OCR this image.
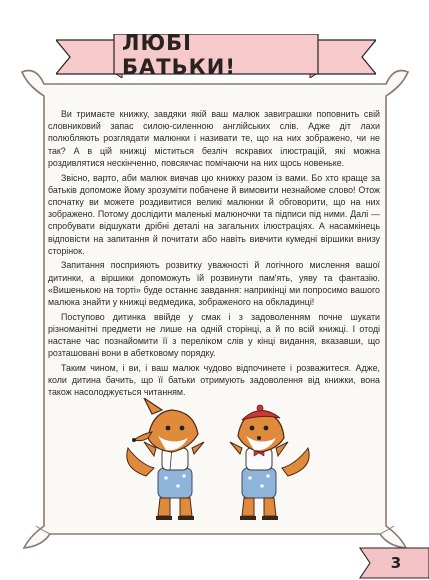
ЛЮБІ БАТЬКИ!

Ви тримаєте книжку, завдяки якій ваш малюк завиграшки поповнить свій словниковий запас силою-силенною англійських слів. Адже діт лахи полюбляють розглядати малюнки і називати те, що на них зображено, чи не так? А в цій книжці міститься безліч яскравих ілюстрацій, які можна роздивлятися нескінченно, повсякчас помічаючи на них щось новеньке.

Звісно, варто, аби малюк вивчав цю книжку разом із вами. Бо хто краще за батьків допоможе йому зрозуміти побачене й вимовити незнайоме слово! Отож спочатку ви можете роздивитися великі малюнки й обговорити, що на них зображено. Потому дослідити маленькі малюночки та підписи під ними. Далі — спробувати відшукати дрібні деталі на загальних ілюстраціях. А насамкінець відповісти на запитання й почитати або навіть вивчити кумедні віршики внизу сторінок.

Запитання посприяють розвитку уважності й логічного мислення вашої дитинки, а віршики допоможуть їй розвинути пам'ять, уяву та фантазію. «Вишенькою на торті» буде останнє завдання: наприкінці ми попросимо вашого малюка знайти у книжці ведмедика, зображеного на обкладинці!

Поступово дитинка ввійде у смак і з задоволенням почне шукати різноманітні предмети не лише на одній сторінці, а й по всій книжці. І отоді настане час познайомити її з переліком слів у кінці видання, вказавши, що розташовані вони в абетковому порядку.

Таким чином, і ви, і ваш малюк чудово відпочинете і розважитеся. Адже, коли дитина бачить, що її батьки отримують задоволення від книжки, вона також насолоджується читанням.

3
